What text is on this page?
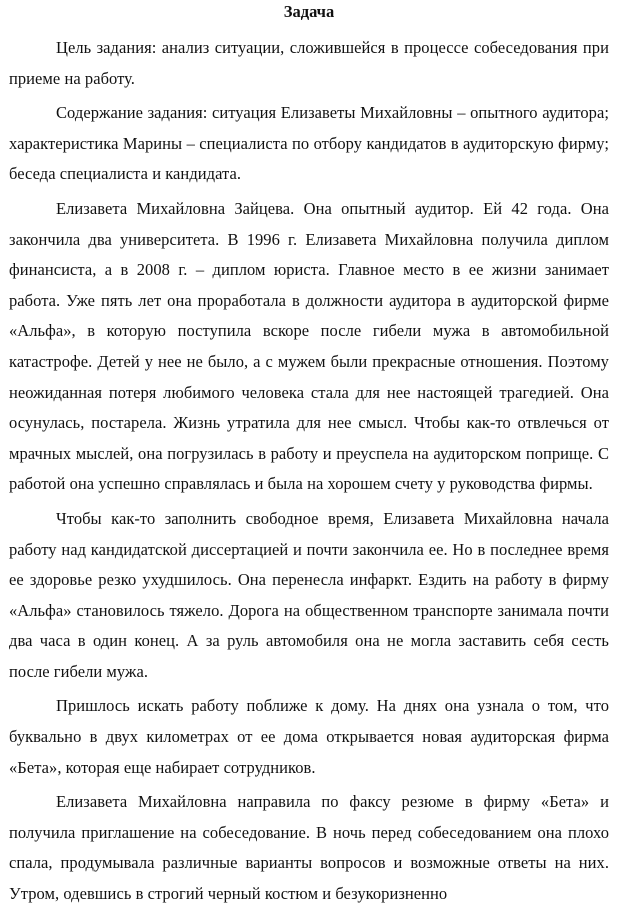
Задача

Цель задания: анализ ситуации, сложившейся в процессе собеседования при приеме на работу.

Содержание задания: ситуация Елизаветы Михайловны – опытного аудитора; характеристика Марины – специалиста по отбору кандидатов в аудиторскую фирму; беседа специалиста и кандидата.

Елизавета Михайловна Зайцева. Она опытный аудитор. Ей 42 года. Она закончила два университета. В 1996 г. Елизавета Михайловна получила диплом финансиста, а в 2008 г. – диплом юриста. Главное место в ее жизни занимает работа. Уже пять лет она проработала в должности аудитора в аудиторской фирме «Альфа», в которую поступила вскоре после гибели мужа в автомобильной катастрофе. Детей у нее не было, а с мужем были прекрасные отношения. Поэтому неожиданная потеря любимого человека стала для нее настоящей трагедией. Она осунулась, постарела. Жизнь утратила для нее смысл. Чтобы как-то отвлечься от мрачных мыслей, она погрузилась в работу и преуспела на аудиторском поприще. С работой она успешно справлялась и была на хорошем счету у руководства фирмы.

Чтобы как-то заполнить свободное время, Елизавета Михайловна начала работу над кандидатской диссертацией и почти закончила ее. Но в последнее время ее здоровье резко ухудшилось. Она перенесла инфаркт. Ездить на работу в фирму «Альфа» становилось тяжело. Дорога на общественном транспорте занимала почти два часа в один конец. А за руль автомобиля она не могла заставить себя сесть после гибели мужа.

Пришлось искать работу поближе к дому. На днях она узнала о том, что буквально в двух километрах от ее дома открывается новая аудиторская фирма «Бета», которая еще набирает сотрудников.

Елизавета Михайловна направила по факсу резюме в фирму «Бета» и получила приглашение на собеседование. В ночь перед собеседованием она плохо спала, продумывала различные варианты вопросов и возможные ответы на них. Утром, одевшись в строгий черный костюм и безукоризненно
